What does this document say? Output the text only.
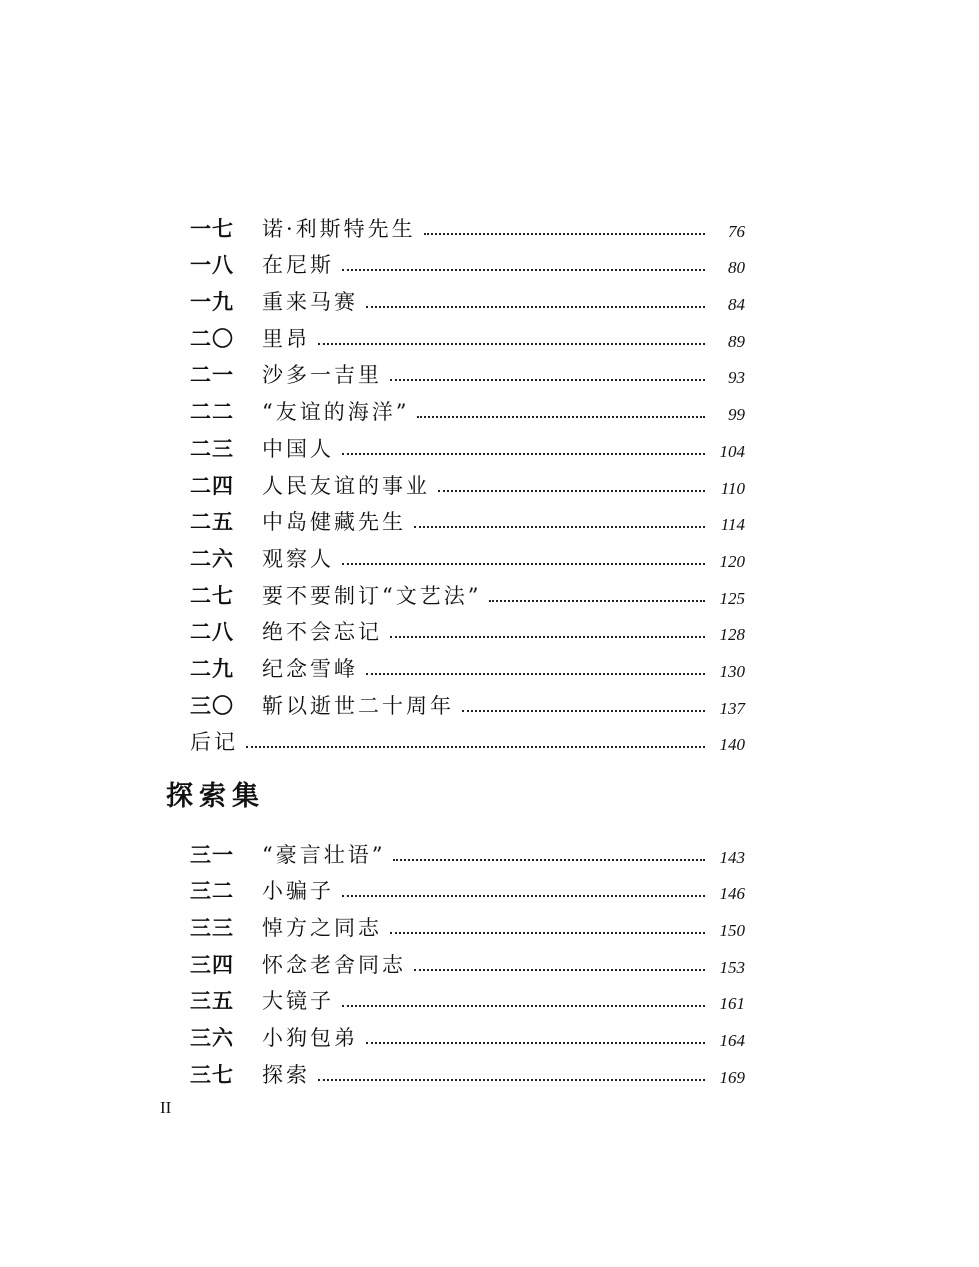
一七	诺·利斯特先生	76
一八	在尼斯	80
一九	重来马赛	84
二〇	里昂	89
二一	沙多一吉里	93
二二	“友谊的海洋”	99
二三	中国人	104
二四	人民友谊的事业	110
二五	中岛健藏先生	114
二六	观察人	120
二七	要不要制订“文艺法”	125
二八	绝不会忘记	128
二九	纪念雪峰	130
三〇	靳以逝世二十周年	137
后记	140
探索集
三一	“豪言壮语”	143
三二	小骗子	146
三三	悼方之同志	150
三四	怀念老舍同志	153
三五	大镜子	161
三六	小狗包弟	164
三七	探索	169
II
